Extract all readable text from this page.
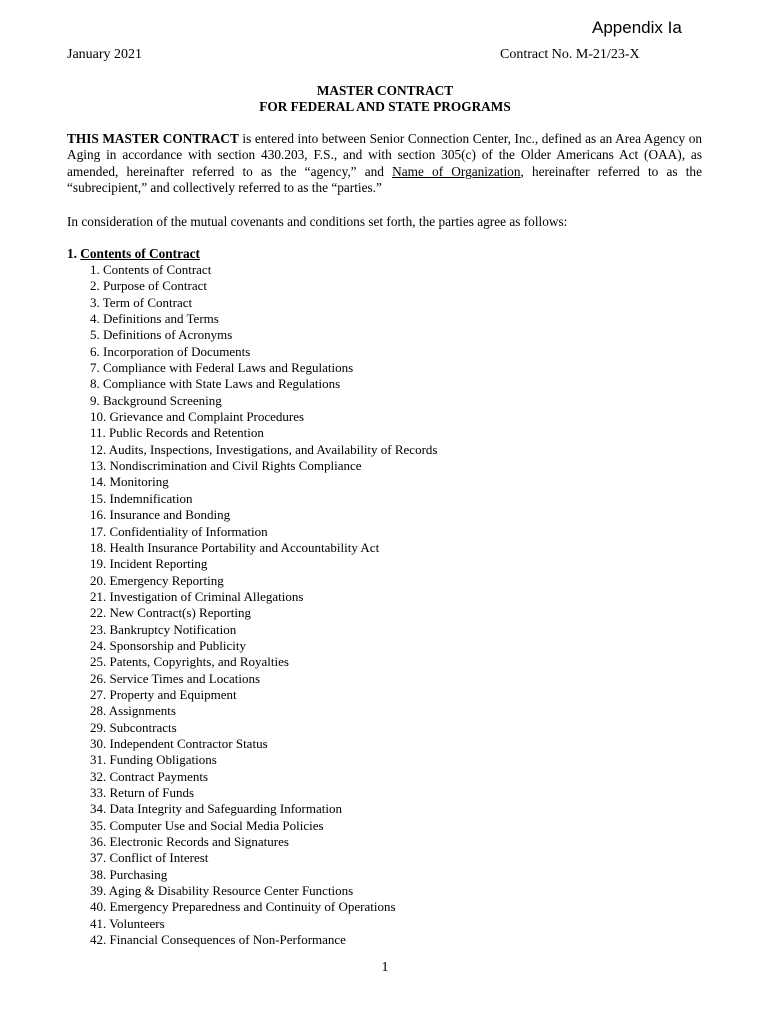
Appendix Ia
January 2021	Contract No. M-21/23-X
MASTER CONTRACT
FOR FEDERAL AND STATE PROGRAMS
THIS MASTER CONTRACT is entered into between Senior Connection Center, Inc., defined as an Area Agency on Aging in accordance with section 430.203, F.S., and with section 305(c) of the Older Americans Act (OAA), as amended, hereinafter referred to as the “agency,” and Name of Organization, hereinafter referred to as the “subrecipient,” and collectively referred to as the “parties.”
In consideration of the mutual covenants and conditions set forth, the parties agree as follows:
1. Contents of Contract
1. Contents of Contract
2. Purpose of Contract
3. Term of Contract
4. Definitions and Terms
5. Definitions of Acronyms
6. Incorporation of Documents
7. Compliance with Federal Laws and Regulations
8. Compliance with State Laws and Regulations
9. Background Screening
10. Grievance and Complaint Procedures
11. Public Records and Retention
12. Audits, Inspections, Investigations, and Availability of Records
13. Nondiscrimination and Civil Rights Compliance
14. Monitoring
15. Indemnification
16. Insurance and Bonding
17. Confidentiality of Information
18. Health Insurance Portability and Accountability Act
19. Incident Reporting
20. Emergency Reporting
21. Investigation of Criminal Allegations
22. New Contract(s) Reporting
23. Bankruptcy Notification
24. Sponsorship and Publicity
25. Patents, Copyrights, and Royalties
26. Service Times and Locations
27. Property and Equipment
28. Assignments
29. Subcontracts
30. Independent Contractor Status
31. Funding Obligations
32. Contract Payments
33. Return of Funds
34. Data Integrity and Safeguarding Information
35. Computer Use and Social Media Policies
36. Electronic Records and Signatures
37. Conflict of Interest
38. Purchasing
39. Aging & Disability Resource Center Functions
40. Emergency Preparedness and Continuity of Operations
41. Volunteers
42. Financial Consequences of Non-Performance
1
